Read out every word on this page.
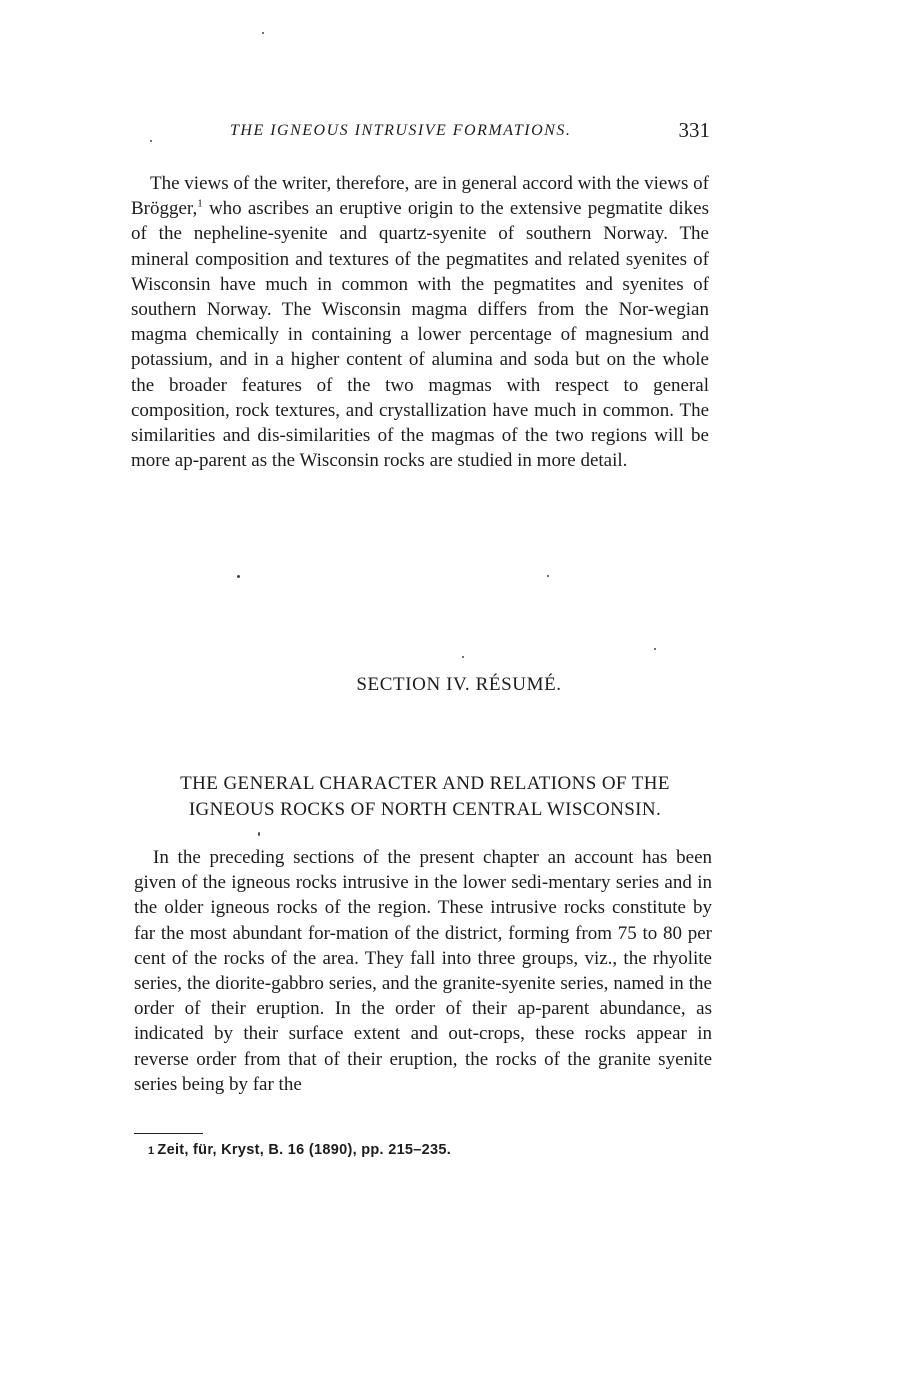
THE IGNEOUS INTRUSIVE FORMATIONS.	331

The views of the writer, therefore, are in general accord with the views of Brögger,$^1$ who ascribes an eruptive origin to the extensive pegmatite dikes of the nepheline-syenite and quartz-syenite of southern Norway. The mineral composition and textures of the pegmatites and related syenites of Wisconsin have much in common with the pegmatites and syenites of southern Norway. The Wisconsin magma differs from the Nor-wegian magma chemically in containing a lower percentage of magnesium and potassium, and in a higher content of alumina and soda but on the whole the broader features of the two magmas with respect to general composition, rock textures, and crystallization have much in common. The similarities and dis-similarities of the magmas of the two regions will be more ap-parent as the Wisconsin rocks are studied in more detail.

SECTION IV. RÉSUMÉ.
THE GENERAL CHARACTER AND RELATIONS OF THE
IGNEOUS ROCKS OF NORTH CENTRAL WISCONSIN.

In the preceding sections of the present chapter an account has been given of the igneous rocks intrusive in the lower sedi-mentary series and in the older igneous rocks of the region. These intrusive rocks constitute by far the most abundant for-mation of the district, forming from 75 to 80 per cent of the rocks of the area. They fall into three groups, viz., the rhyolite series, the diorite-gabbro series, and the granite-syenite series, named in the order of their eruption. In the order of their ap-parent abundance, as indicated by their surface extent and out-crops, these rocks appear in reverse order from that of their eruption, the rocks of the granite syenite series being by far the

1 Zeit, für, Kryst, B. 16 (1890), pp. 215–235.
